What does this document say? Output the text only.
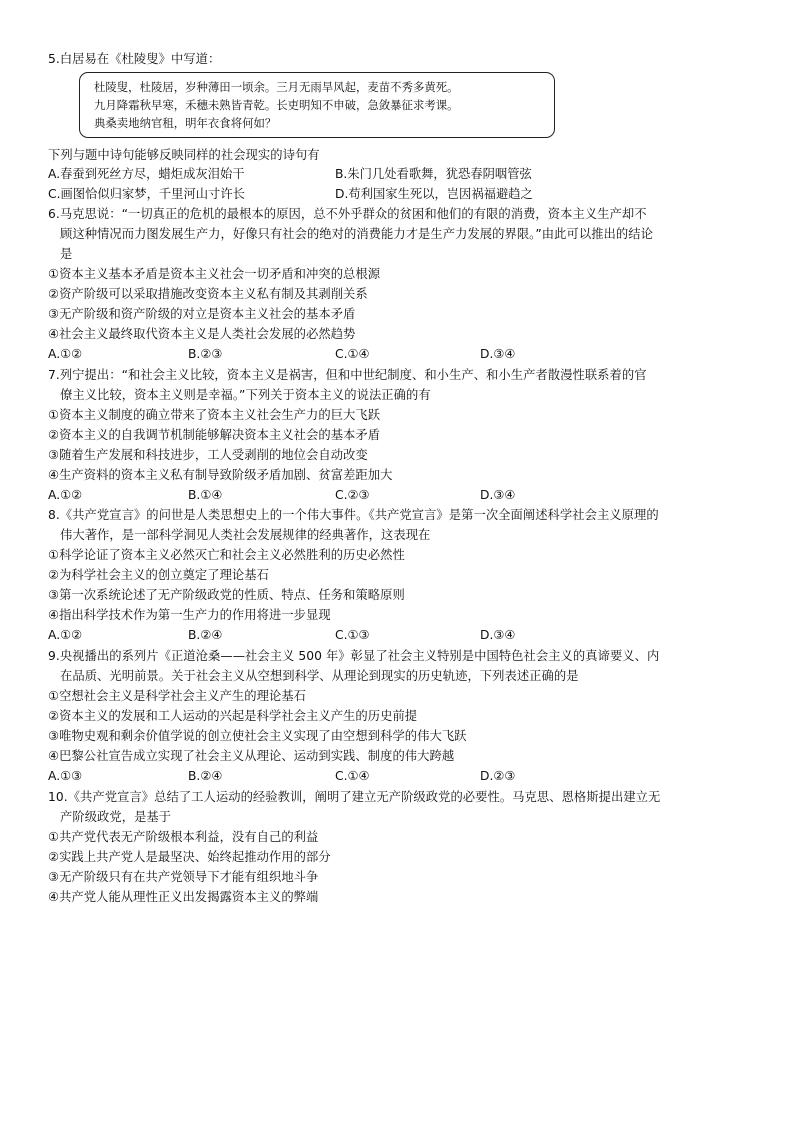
5.白居易在《杜陵叟》中写道：
杜陵叟，杜陵居，岁种薄田一顷余。三月无雨旱风起，麦苗不秀多黄死。
九月降霜秋早寒，禾穗未熟皆青乾。长吏明知不申破，急敛暴征求考课。
典桑卖地纳官租，明年衣食将何如？
下列与题中诗句能够反映同样的社会现实的诗句有
A.春蚕到死丝方尽，蜡炬成灰泪始干	B.朱门几处看歌舞，犹恐春阴咽管弦
C.画图恰似归家梦，千里河山寸许长	D.苟利国家生死以，岂因祸福避趋之
6.马克思说：“一切真正的危机的最根本的原因，总不外乎群众的贫困和他们的有限的消费，资本主义生产却不
顾这种情况而力图发展生产力，好像只有社会的绝对的消费能力才是生产力发展的界限。”由此可以推出的结论
是
①资本主义基本矛盾是资本主义社会一切矛盾和冲突的总根源
②资产阶级可以采取措施改变资本主义私有制及其剥削关系
③无产阶级和资产阶级的对立是资本主义社会的基本矛盾
④社会主义最终取代资本主义是人类社会发展的必然趋势
A.①②	B.②③	C.①④	D.③④
7.列宁提出：“和社会主义比较，资本主义是祸害，但和中世纪制度、和小生产、和小生产者散漫性联系着的官
僚主义比较，资本主义则是幸福。”下列关于资本主义的说法正确的有
①资本主义制度的确立带来了资本主义社会生产力的巨大飞跃
②资本主义的自我调节机制能够解决资本主义社会的基本矛盾
③随着生产发展和科技进步，工人受剥削的地位会自动改变
④生产资料的资本主义私有制导致阶级矛盾加剧、贫富差距加大
A.①②	B.①④	C.②③	D.③④
8.《共产党宣言》的问世是人类思想史上的一个伟大事件。《共产党宣言》是第一次全面阐述科学社会主义原理的
伟大著作，是一部科学洞见人类社会发展规律的经典著作，这表现在
①科学论证了资本主义必然灭亡和社会主义必然胜利的历史必然性
②为科学社会主义的创立奠定了理论基石
③第一次系统论述了无产阶级政党的性质、特点、任务和策略原则
④指出科学技术作为第一生产力的作用将进一步显现
A.①②	B.②④	C.①③	D.③④
9.央视播出的系列片《正道沧桑——社会主义 500 年》彰显了社会主义特别是中国特色社会主义的真谛要义、内
在品质、光明前景。关于社会主义从空想到科学、从理论到现实的历史轨迹，下列表述正确的是
①空想社会主义是科学社会主义产生的理论基石
②资本主义的发展和工人运动的兴起是科学社会主义产生的历史前提
③唯物史观和剩余价值学说的创立使社会主义实现了由空想到科学的伟大飞跃
④巴黎公社宣告成立实现了社会主义从理论、运动到实践、制度的伟大跨越
A.①③	B.②④	C.①④	D.②③
10.《共产党宣言》总结了工人运动的经验教训，阐明了建立无产阶级政党的必要性。马克思、恩格斯提出建立无
产阶级政党，是基于
①共产党代表无产阶级根本利益，没有自己的利益
②实践上共产党人是最坚决、始终起推动作用的部分
③无产阶级只有在共产党领导下才能有组织地斗争
④共产党人能从理性正义出发揭露资本主义的弊端
